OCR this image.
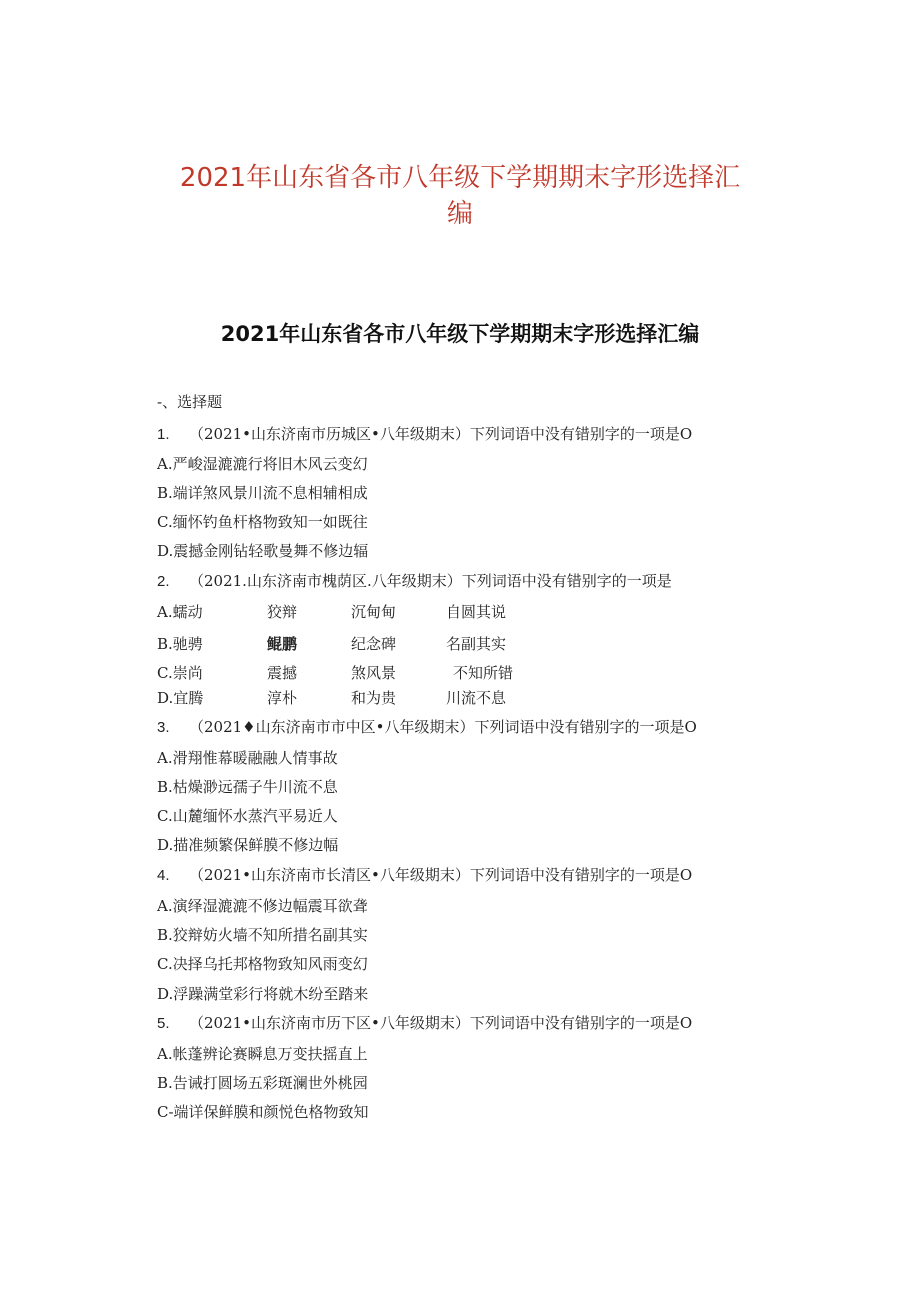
2021年山东省各市八年级下学期期末字形选择汇
编
2021年山东省各市八年级下学期期末字形选择汇编
-、选择题
1. （2021•山东济南市历城区•八年级期末）下列词语中没有错别字的一项是O
A.严峻湿漉漉行将旧木风云变幻
B.端详煞风景川流不息相辅相成
C.缅怀钓鱼杆格物致知一如既往
D.震撼金刚钻轻歌曼舞不修边辐
2. （2021.山东济南市槐荫区.八年级期末）下列词语中没有错别字的一项是
A.蠕动	狡辩	沉甸甸	自圆其说
B.驰骋	鲲鹏	纪念碑	名副其实
C.崇尚	震撼	煞风景	不知所错
D.宜腾	淳朴	和为贵	川流不息
3. （2021♦山东济南市市中区•八年级期末）下列词语中没有错别字的一项是O
A.滑翔惟幕暖融融人情事故
B.枯燥渺远孺子牛川流不息
C.山麓缅怀水蒸汽平易近人
D.描准频繁保鲜膜不修边幅
4. （2021•山东济南市长清区•八年级期末）下列词语中没有错别字的一项是O
A.演绎湿漉漉不修边幅震耳欲聋
B.狡辩妨火墙不知所措名副其实
C.决择乌托邦格物致知风雨变幻
D.浮躁满堂彩行将就木纷至踏来
5. （2021•山东济南市历下区•八年级期末）下列词语中没有错别字的一项是O
A.帐蓬辨论赛瞬息万变扶摇直上
B.告诫打圆场五彩斑澜世外桃园
C-端详保鲜膜和颜悦色格物致知
